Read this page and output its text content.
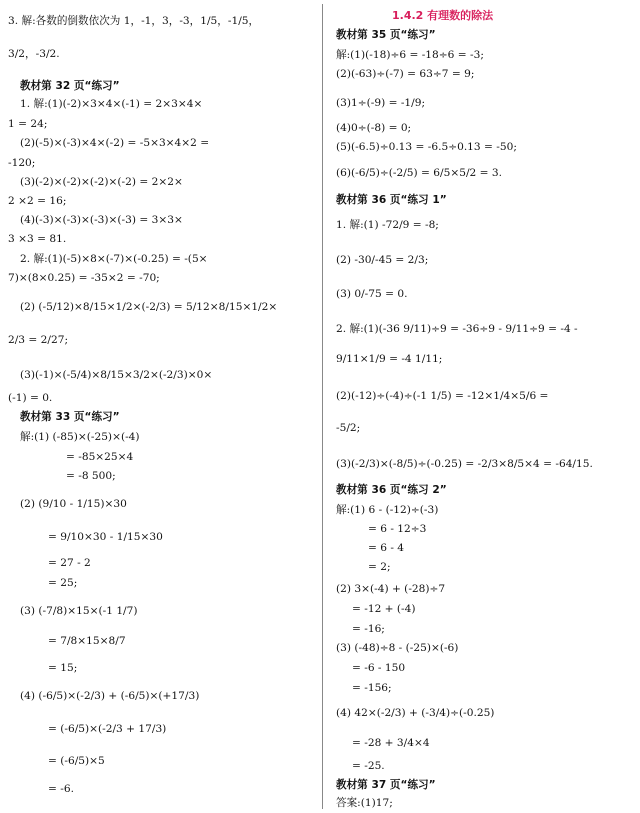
3. 解:各数的倒数依次为 1，-1，3，-3，1/5，-1/5，
3/2，-3/2.
教材第 32 页“练习”
1. 解:(1)(-2)×3×4×(-1) = 2×3×4×
1 = 24;
(2)(-5)×(-3)×4×(-2) = -5×3×4×2 =
-120;
(3)(-2)×(-2)×(-2)×(-2) = 2×2×
2 ×2 = 16;
(4)(-3)×(-3)×(-3)×(-3) = 3×3×
3 ×3 = 81.
2. 解:(1)(-5)×8×(-7)×(-0.25) = -(5×
7)×(8×0.25) = -35×2 = -70;
(2) (-5/12)×8/15×1/2×(-2/3) = 5/12×8/15×1/2×
2/3 = 2/27;
(3)(-1)×(-5/4)×8/15×3/2×(-2/3)×0×
(-1) = 0.
教材第 33 页“练习”
解:(1) (-85)×(-25)×(-4)
= -85×25×4
= -8 500;
(2) (9/10 - 1/15)×30
= 9/10×30 - 1/15×30
= 27 - 2
= 25;
(3) (-7/8)×15×(-1 1/7)
= 7/8×15×8/7
= 15;
(4) (-6/5)×(-2/3) + (-6/5)×(+17/3)
= (-6/5)×(-2/3 + 17/3)
= (-6/5)×5
= -6.
1.4.2 有理数的除法
教材第 35 页“练习”
解:(1)(-18)÷6 = -18÷6 = -3;
(2)(-63)÷(-7) = 63÷7 = 9;
(3)1÷(-9) = -1/9;
(4)0÷(-8) = 0;
(5)(-6.5)÷0.13 = -6.5÷0.13 = -50;
(6)(-6/5)÷(-2/5) = 6/5×5/2 = 3.
教材第 36 页“练习 1”
1. 解:(1) -72/9 = -8;
(2) -30/-45 = 2/3;
(3) 0/-75 = 0.
2. 解:(1)(-36 9/11)÷9 = -36÷9 - 9/11÷9 = -4 -
9/11×1/9 = -4 1/11;
(2)(-12)÷(-4)÷(-1 1/5) = -12×1/4×5/6 =
-5/2;
(3)(-2/3)×(-8/5)÷(-0.25) = -2/3×8/5×4 = -64/15.
教材第 36 页“练习 2”
解:(1) 6 - (-12)÷(-3)
= 6 - 12÷3
= 6 - 4
= 2;
(2) 3×(-4) + (-28)÷7
= -12 + (-4)
= -16;
(3) (-48)÷8 - (-25)×(-6)
= -6 - 150
= -156;
(4) 42×(-2/3) + (-3/4)÷(-0.25)
= -28 + 3/4×4
= -25.
教材第 37 页“练习”
答案:(1)17;
